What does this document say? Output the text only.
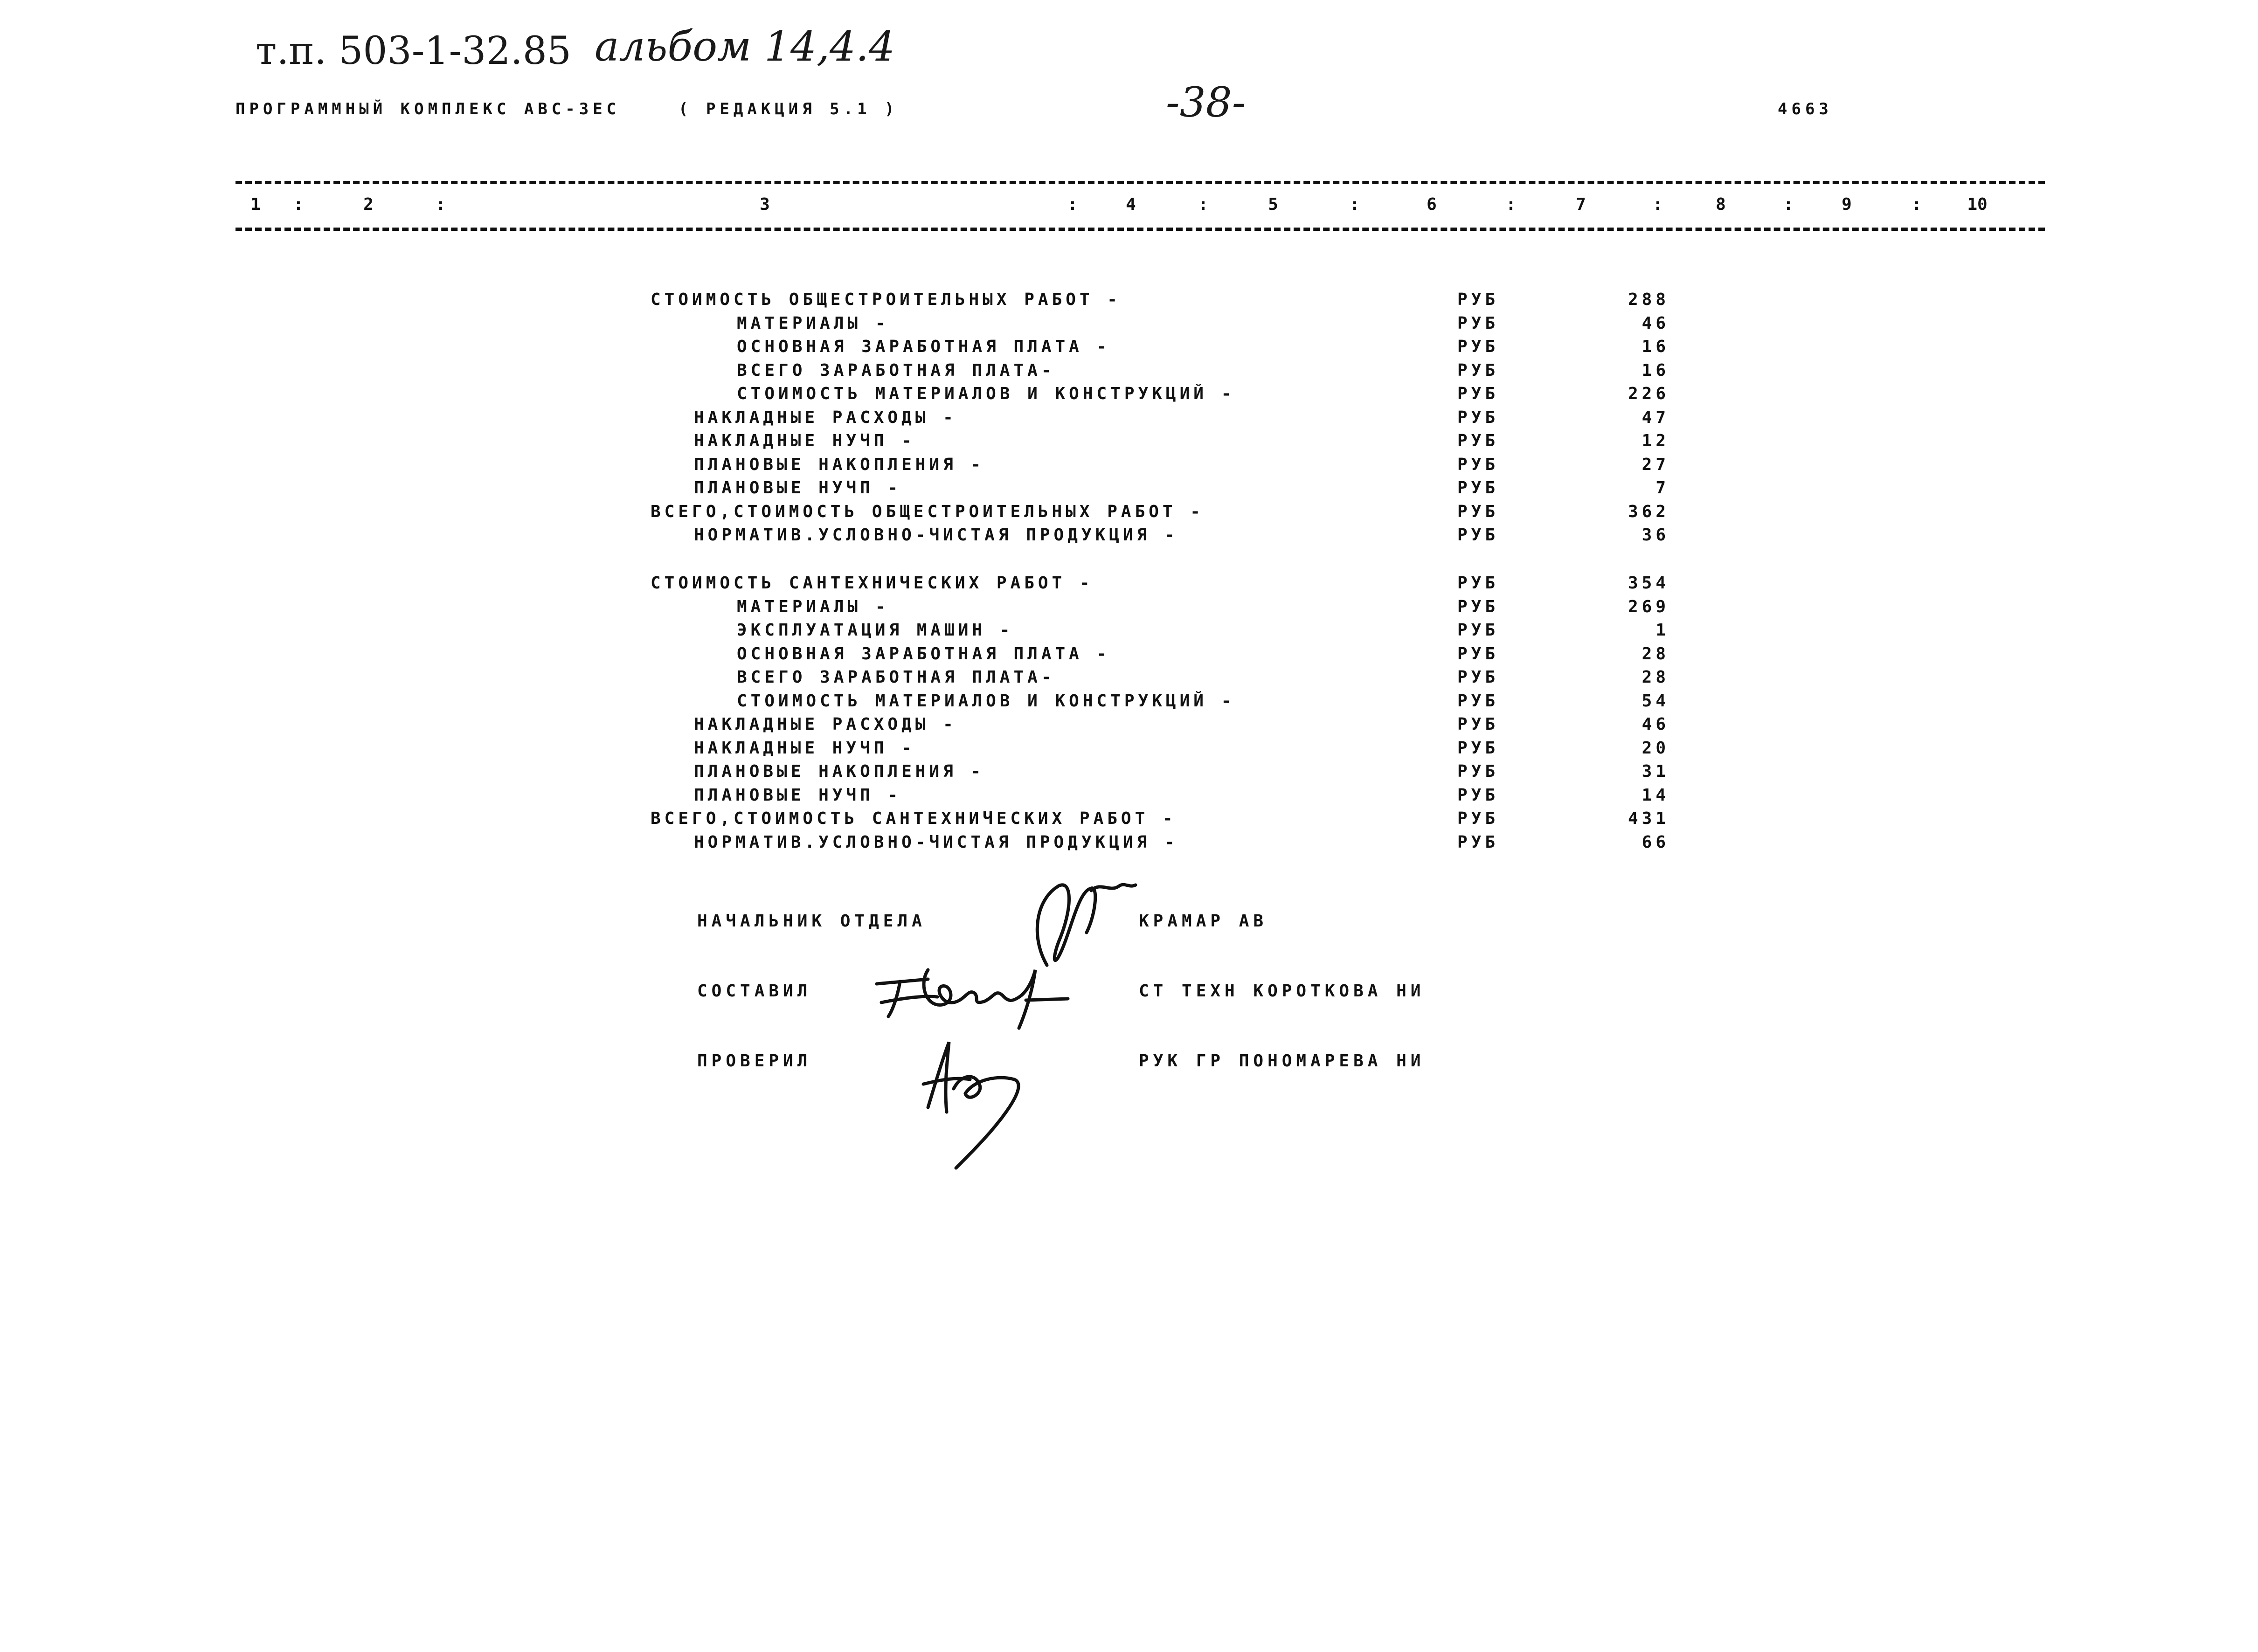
т.п. 503-1-32.85 альбом 14,4.4
ПРОГРАММНЫЙ КОМПЛЕКС АВС-3ЕС	( РЕДАКЦИЯ 5.1 )	-38-	4663
1	2	3	4	5	6	7	8	9	10
:	:	:	:	:	:	:	:	:
СТОИМОСТЬ ОБЩЕСТРОИТЕЛЬНЫХ РАБОТ -	РУБ	288
МАТЕРИАЛЫ -	РУБ	46
ОСНОВНАЯ ЗАРАБОТНАЯ ПЛАТА -	РУБ	16
ВСЕГО ЗАРАБОТНАЯ ПЛАТА-	РУБ	16
СТОИМОСТЬ МАТЕРИАЛОВ И КОНСТРУКЦИЙ -	РУБ	226
НАКЛАДНЫЕ РАСХОДЫ -	РУБ	47
НАКЛАДНЫЕ НУЧП -	РУБ	12
ПЛАНОВЫЕ НАКОПЛЕНИЯ -	РУБ	27
ПЛАНОВЫЕ НУЧП -	РУБ	7
ВСЕГО,СТОИМОСТЬ ОБЩЕСТРОИТЕЛЬНЫХ РАБОТ -	РУБ	362
НОРМАТИВ.УСЛОВНО-ЧИСТАЯ ПРОДУКЦИЯ -	РУБ	36
СТОИМОСТЬ САНТЕХНИЧЕСКИХ РАБОТ -	РУБ	354
МАТЕРИАЛЫ -	РУБ	269
ЭКСПЛУАТАЦИЯ МАШИН -	РУБ	1
ОСНОВНАЯ ЗАРАБОТНАЯ ПЛАТА -	РУБ	28
ВСЕГО ЗАРАБОТНАЯ ПЛАТА-	РУБ	28
СТОИМОСТЬ МАТЕРИАЛОВ И КОНСТРУКЦИЙ -	РУБ	54
НАКЛАДНЫЕ РАСХОДЫ -	РУБ	46
НАКЛАДНЫЕ НУЧП -	РУБ	20
ПЛАНОВЫЕ НАКОПЛЕНИЯ -	РУБ	31
ПЛАНОВЫЕ НУЧП -	РУБ	14
ВСЕГО,СТОИМОСТЬ САНТЕХНИЧЕСКИХ РАБОТ -	РУБ	431
НОРМАТИВ.УСЛОВНО-ЧИСТАЯ ПРОДУКЦИЯ -	РУБ	66
НАЧАЛЬНИК ОТДЕЛА	КРАМАР АВ
СОСТАВИЛ	СТ ТЕХН КОРОТКОВА НИ
ПРОВЕРИЛ	РУК ГР ПОНОМАРЕВА НИ
